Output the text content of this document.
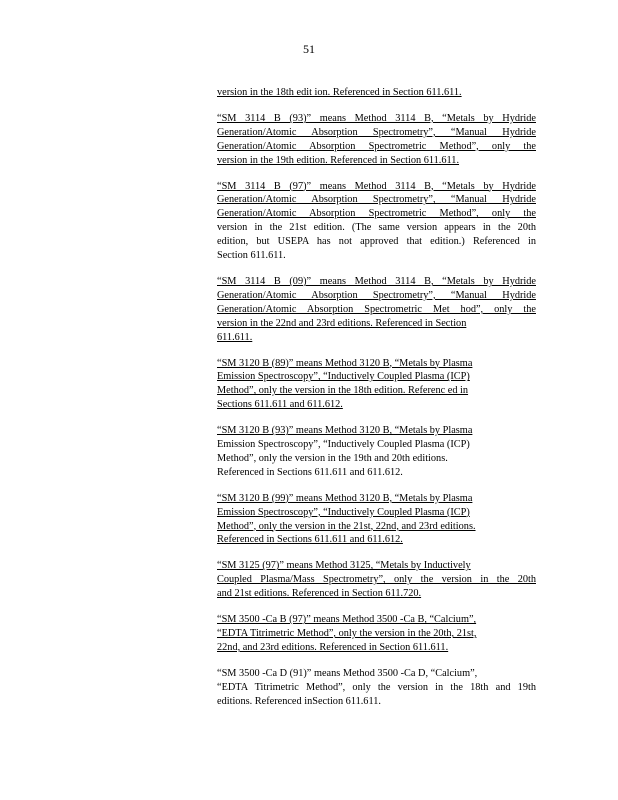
51
version in the 18th edit ion. Referenced in Section 611.611.
“SM 3114 B (93)” means Method 3114 B, “Metals by Hydride
Generation/Atomic Absorption Spectrometry”, “Manual Hydride
Generation/Atomic Absorption Spectrometric Method”, only the
version in the 19th edition. Referenced in Section 611.611.
“SM 3114 B (97)” means Method 3114 B, “Metals by Hydride
Generation/Atomic Absorption Spectrometry”, “Manual Hydride
Generation/Atomic Absorption Spectrometric Method”, only the
version in the 21st edition. (The same version appears in the 20th
edition, but USEPA has not approved that edition.) Referenced in
Section 611.611.
“SM 3114 B (09)” means Method 3114 B, “Metals by Hydride
Generation/Atomic Absorption Spectrometry”, “Manual Hydride
Generation/Atomic Absorption Spectrometric Met hod”, only the
version in the 22nd and 23rd editions. Referenced in Section
611.611.
“SM 3120 B (89)” means Method 3120 B, “Metals by Plasma
Emission Spectroscopy”, “Inductively Coupled Plasma (ICP)
Method”, only the version in the 18th edition. Referenc ed in
Sections 611.611 and 611.612.
“SM 3120 B (93)” means Method 3120 B, “Metals by Plasma
Emission Spectroscopy”, “Inductively Coupled Plasma (ICP)
Method”, only the version in the 19th and 20th editions.
Referenced in Sections 611.611 and 611.612.
“SM 3120 B (99)” means Method 3120 B, “Metals by Plasma
Emission Spectroscopy”, “Inductively Coupled Plasma (ICP)
Method”, only the version in the 21st, 22nd, and 23rd editions.
Referenced in Sections 611.611 and 611.612.
“SM 3125 (97)” means Method 3125, “Metals by Inductively
Coupled Plasma/Mass Spectrometry”, only the version in the 20th
and 21st editions. Referenced in Section 611.720.
“SM 3500 -Ca B (97)” means Method 3500 -Ca B, “Calcium”,
“EDTA Titrimetric Method”, only the version in the 20th, 21st,
22nd, and 23rd editions. Referenced in Section 611.611.
“SM 3500 -Ca D (91)” means Method 3500 -Ca D, “Calcium”,
“EDTA Titrimetric Method”, only the version in the 18th and 19th
editions. Referenced inSection 611.611.
